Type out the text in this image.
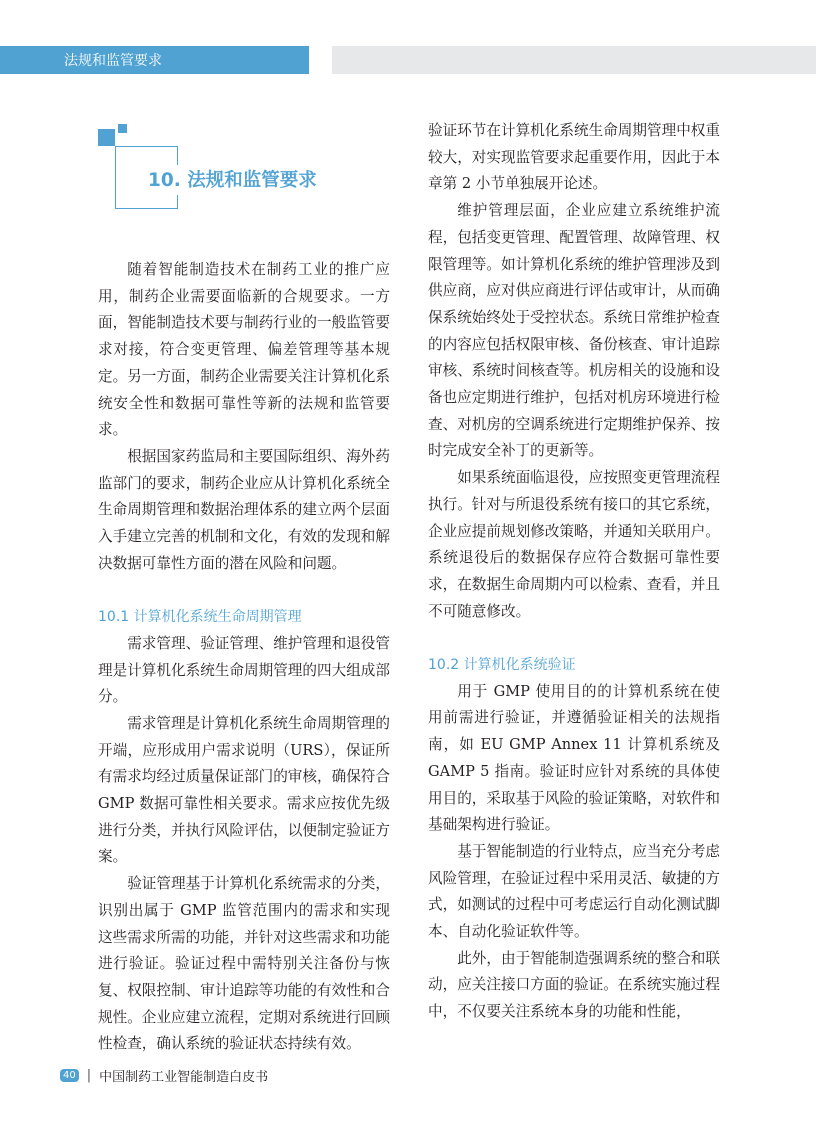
法规和监管要求
10. 法规和监管要求

随着智能制造技术在制药工业的推广应用，制药企业需要面临新的合规要求。一方面，智能制造技术要与制药行业的一般监管要求对接，符合变更管理、偏差管理等基本规定。另一方面，制药企业需要关注计算机化系统安全性和数据可靠性等新的法规和监管要求。

根据国家药监局和主要国际组织、海外药监部门的要求，制药企业应从计算机化系统全生命周期管理和数据治理体系的建立两个层面入手建立完善的机制和文化，有效的发现和解决数据可靠性方面的潜在风险和问题。

10.1 计算机化系统生命周期管理

需求管理、验证管理、维护管理和退役管理是计算机化系统生命周期管理的四大组成部分。

需求管理是计算机化系统生命周期管理的开端，应形成用户需求说明（URS），保证所有需求均经过质量保证部门的审核，确保符合 GMP 数据可靠性相关要求。需求应按优先级进行分类，并执行风险评估，以便制定验证方案。

验证管理基于计算机化系统需求的分类，识别出属于 GMP 监管范围内的需求和实现这些需求所需的功能，并针对这些需求和功能进行验证。验证过程中需特别关注备份与恢复、权限控制、审计追踪等功能的有效性和合规性。企业应建立流程，定期对系统进行回顾性检查，确认系统的验证状态持续有效。

验证环节在计算机化系统生命周期管理中权重较大，对实现监管要求起重要作用，因此于本章第 2 小节单独展开论述。

维护管理层面，企业应建立系统维护流程，包括变更管理、配置管理、故障管理、权限管理等。如计算机化系统的维护管理涉及到供应商，应对供应商进行评估或审计，从而确保系统始终处于受控状态。系统日常维护检查的内容应包括权限审核、备份核查、审计追踪审核、系统时间核查等。机房相关的设施和设备也应定期进行维护，包括对机房环境进行检查、对机房的空调系统进行定期维护保养、按时完成安全补丁的更新等。

如果系统面临退役，应按照变更管理流程执行。针对与所退役系统有接口的其它系统，企业应提前规划修改策略，并通知关联用户。系统退役后的数据保存应符合数据可靠性要求，在数据生命周期内可以检索、查看，并且不可随意修改。

10.2 计算机化系统验证

用于 GMP 使用目的的计算机系统在使用前需进行验证，并遵循验证相关的法规指南，如 EU GMP Annex 11 计算机系统及 GAMP 5 指南。验证时应针对系统的具体使用目的，采取基于风险的验证策略，对软件和基础架构进行验证。

基于智能制造的行业特点，应当充分考虑风险管理，在验证过程中采用灵活、敏捷的方式，如测试的过程中可考虑运行自动化测试脚本、自动化验证软件等。

此外，由于智能制造强调系统的整合和联动，应关注接口方面的验证。在系统实施过程中，不仅要关注系统本身的功能和性能，

40 | 中国制药工业智能制造白皮书
